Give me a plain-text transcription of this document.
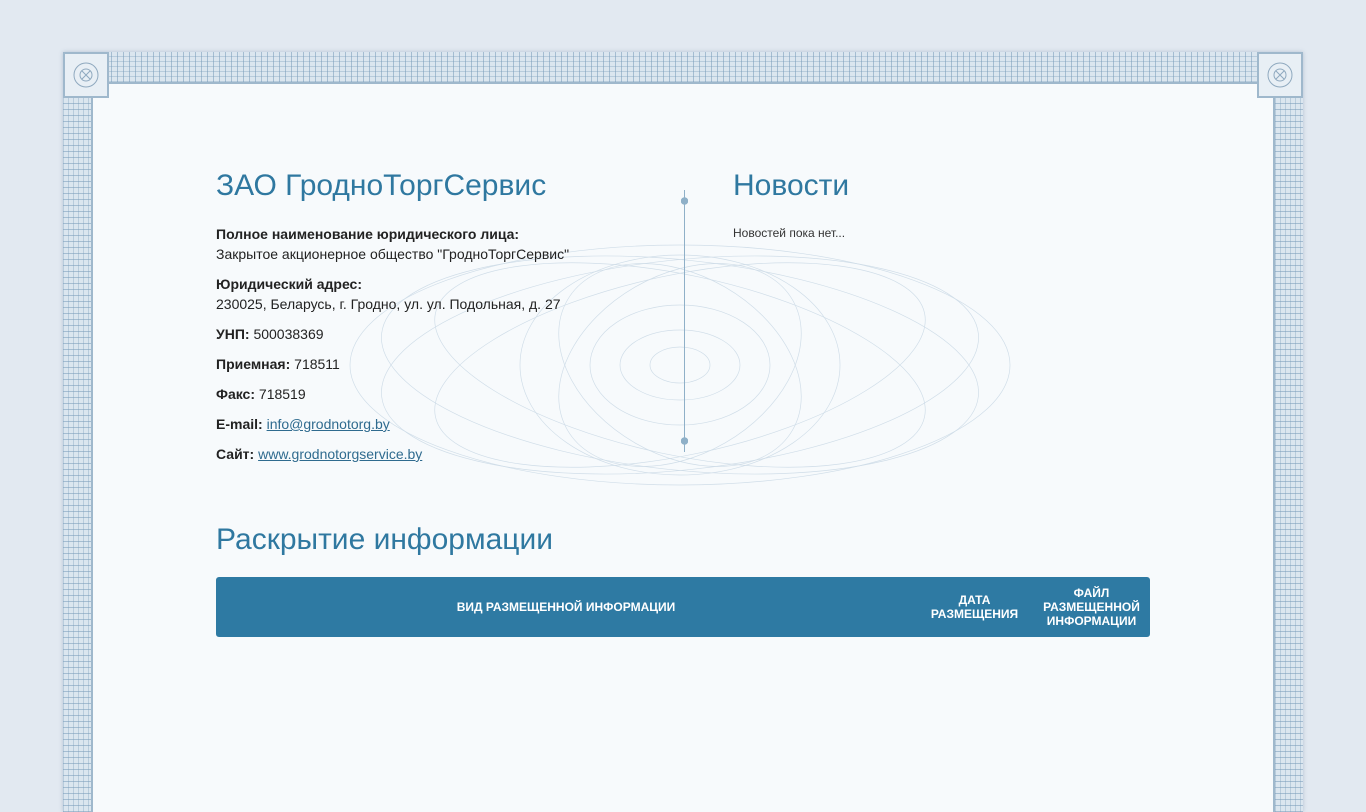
ЗАО ГродноТоргСервис
Полное наименование юридического лица:
Закрытое акционерное общество "ГродноТоргСервис"
Юридический адрес:
230025, Беларусь, г. Гродно, ул. ул. Подольная, д. 27
УНП: 500038369
Приемная: 718511
Факс: 718519
E-mail: info@grodnotorg.by
Сайт: www.grodnotorgservice.by
Новости
Новостей пока нет...
Раскрытие информации
ВИД РАЗМЕЩЕННОЙ ИНФОРМАЦИИ	ДАТА РАЗМЕЩЕНИЯ
ФАЙЛ РАЗМЕЩЕННОЙ ИНФОРМАЦИИ
